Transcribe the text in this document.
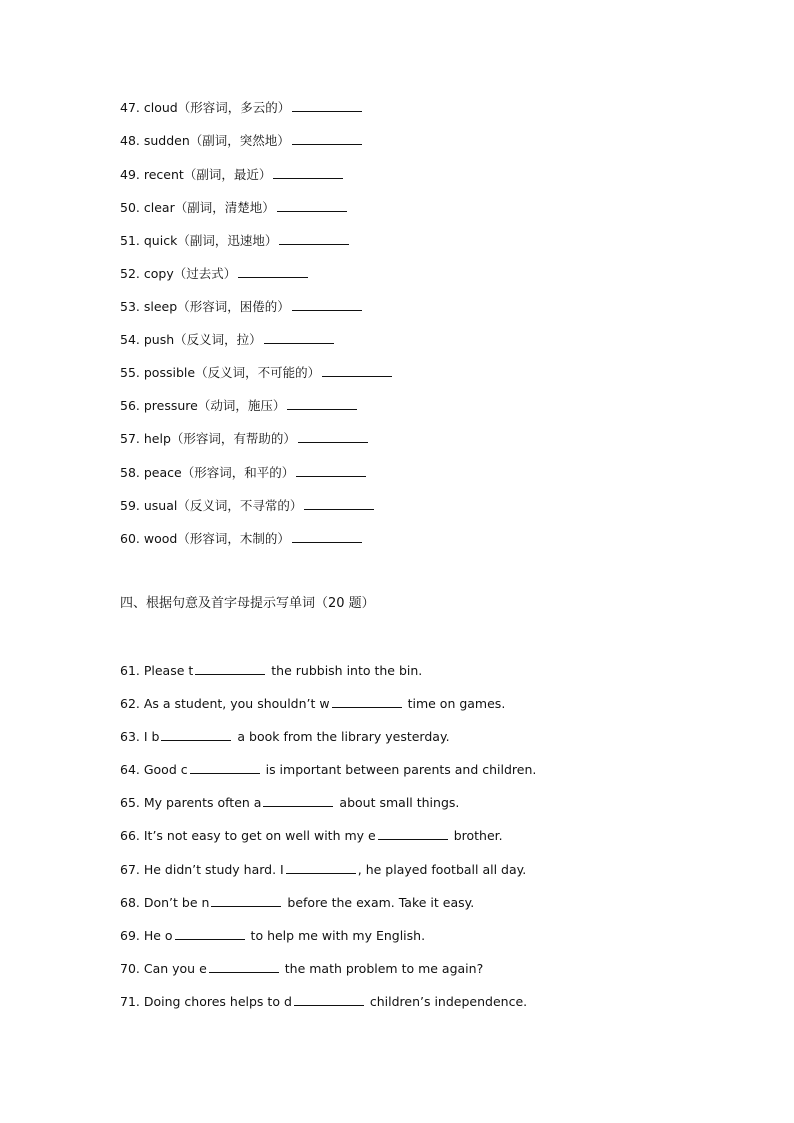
47. cloud（形容词，多云的）
48. sudden（副词，突然地）
49. recent（副词，最近）
50. clear（副词，清楚地）
51. quick（副词，迅速地）
52. copy（过去式）
53. sleep（形容词，困倦的）
54. push（反义词，拉）
55. possible（反义词，不可能的）
56. pressure（动词，施压）
57. help（形容词，有帮助的）
58. peace（形容词，和平的）
59. usual（反义词，不寻常的）
60. wood（形容词，木制的）
四、根据句意及首字母提示写单词（20 题）
61. Please t	the rubbish into the bin.
62. As a student, you shouldn’t w	time on games.
63. I b	a book from the library yesterday.
64. Good c	is important between parents and children.
65. My parents often a	about small things.
66. It’s not easy to get on well with my e	brother.
67. He didn’t study hard. I	, he played football all day.
68. Don’t be n	before the exam. Take it easy.
69. He o	to help me with my English.
70. Can you e	the math problem to me again?
71. Doing chores helps to d	children’s independence.
